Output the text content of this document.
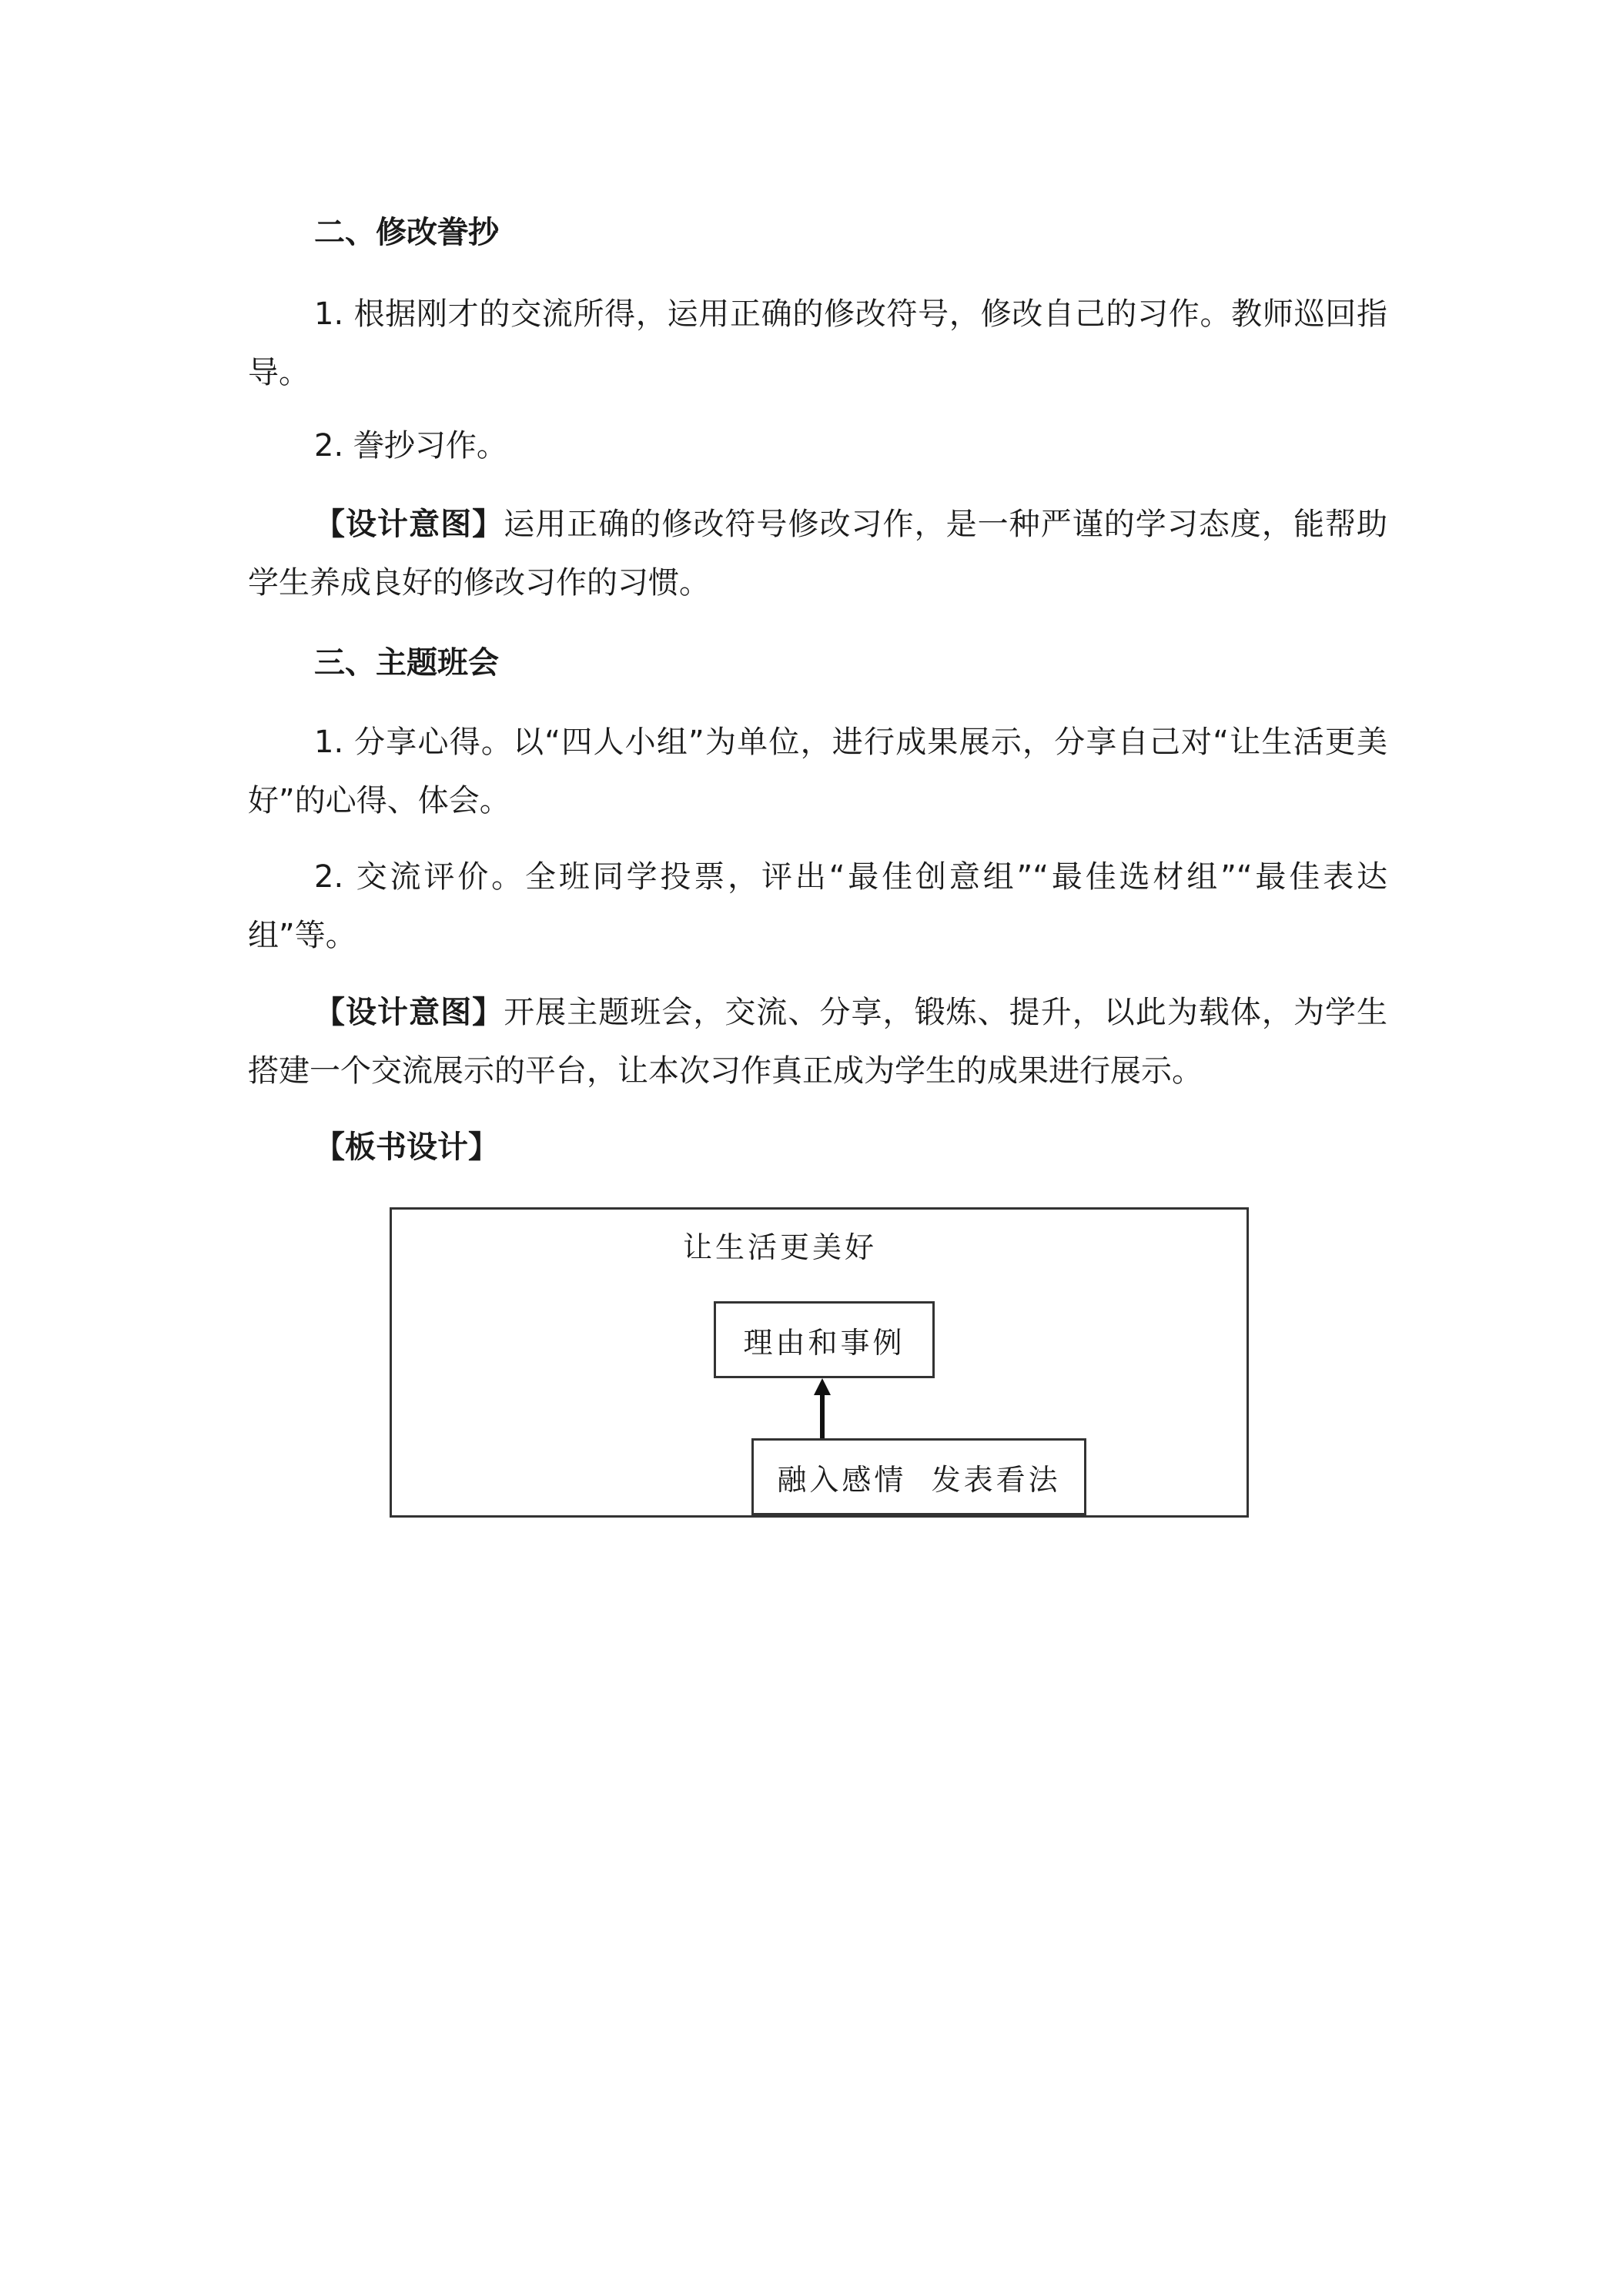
二、修改誊抄
1. 根据刚才的交流所得，运用正确的修改符号，修改自己的习作。教师巡回指导。
2. 誊抄习作。
【设计意图】运用正确的修改符号修改习作，是一种严谨的学习态度，能帮助学生养成良好的修改习作的习惯。
三、主题班会
1. 分享心得。以“四人小组”为单位，进行成果展示，分享自己对“让生活更美好”的心得、体会。
2. 交流评价。全班同学投票，评出“最佳创意组”“最佳选材组”“最佳表达组”等。
【设计意图】开展主题班会，交流、分享，锻炼、提升，以此为载体，为学生搭建一个交流展示的平台，让本次习作真正成为学生的成果进行展示。
【板书设计】
让生活更美好
理由和事例
融入感情  发表看法
